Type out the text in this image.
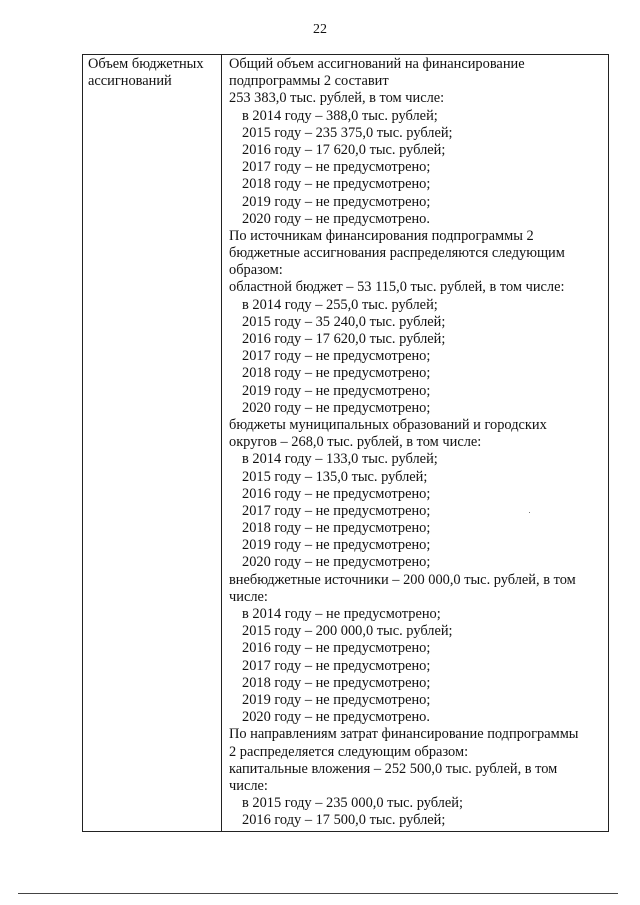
22
Объем бюджетных
ассигнований
Общий объем ассигнований на финансирование
подпрограммы 2 составит
253 383,0 тыс. рублей, в том числе:
в 2014 году – 388,0 тыс. рублей;
2015 году – 235 375,0 тыс. рублей;
2016 году – 17 620,0 тыс. рублей;
2017 году – не предусмотрено;
2018 году – не предусмотрено;
2019 году – не предусмотрено;
2020 году – не предусмотрено.
По источникам финансирования подпрограммы 2
бюджетные ассигнования распределяются следующим
образом:
областной бюджет – 53 115,0 тыс. рублей, в том числе:
в 2014 году – 255,0 тыс. рублей;
2015 году – 35 240,0 тыс. рублей;
2016 году – 17 620,0 тыс. рублей;
2017 году – не предусмотрено;
2018 году – не предусмотрено;
2019 году – не предусмотрено;
2020 году – не предусмотрено;
бюджеты муниципальных образований и городских
округов – 268,0 тыс. рублей, в том числе:
в 2014 году – 133,0 тыс. рублей;
2015 году – 135,0 тыс. рублей;
2016 году – не предусмотрено;
2017 году – не предусмотрено;
2018 году – не предусмотрено;
2019 году – не предусмотрено;
2020 году – не предусмотрено;
внебюджетные источники – 200 000,0 тыс. рублей, в том
числе:
в 2014 году – не предусмотрено;
2015 году – 200 000,0 тыс. рублей;
2016 году – не предусмотрено;
2017 году – не предусмотрено;
2018 году – не предусмотрено;
2019 году – не предусмотрено;
2020 году – не предусмотрено.
По направлениям затрат финансирование подпрограммы
2 распределяется следующим образом:
капитальные вложения – 252 500,0 тыс. рублей, в том
числе:
в 2015 году – 235 000,0 тыс. рублей;
2016 году – 17 500,0 тыс. рублей;
